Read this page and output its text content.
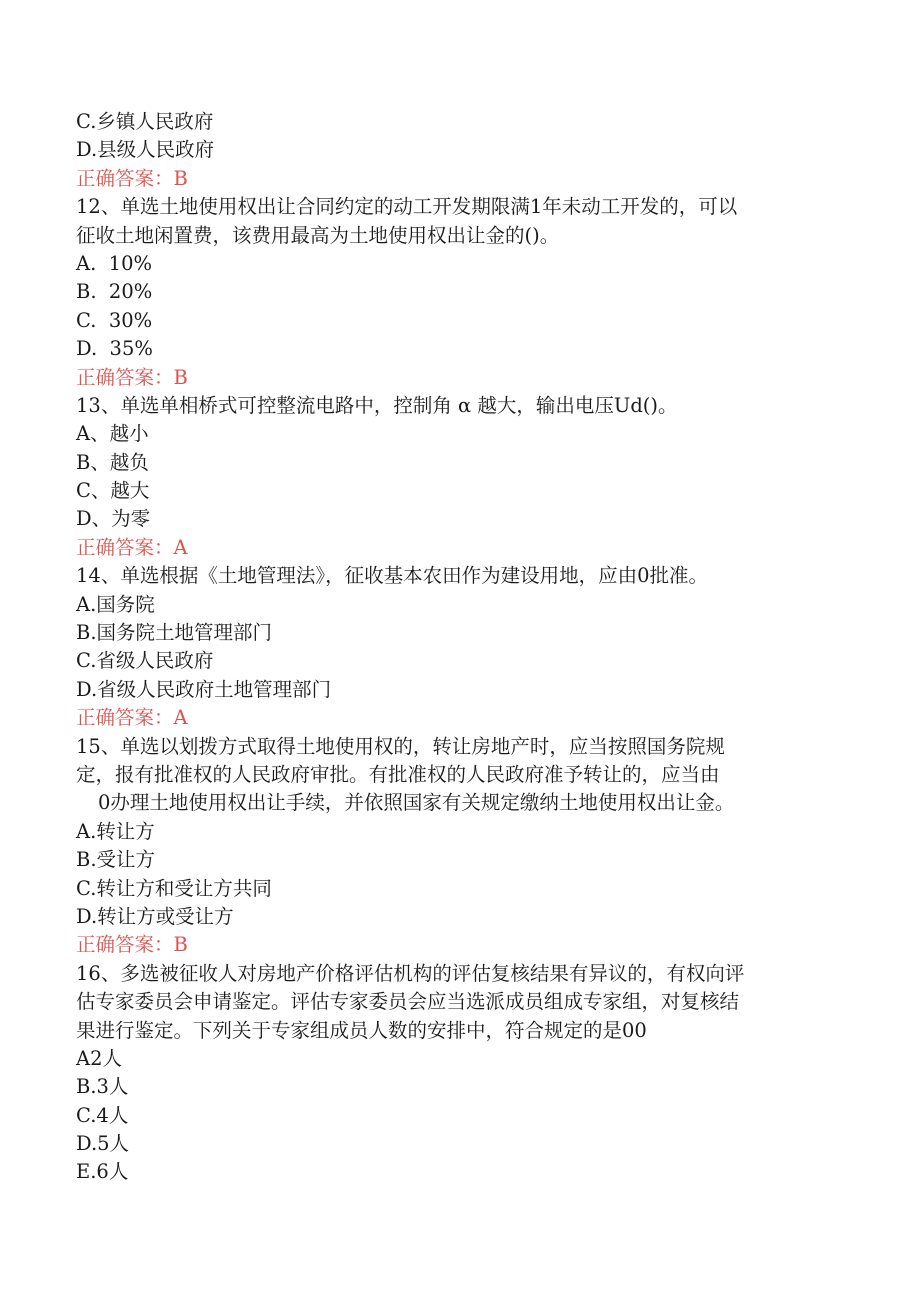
C.乡镇人民政府

D.县级人民政府

正确答案：B

12、单选土地使用权出让合同约定的动工开发期限满1年未动工开发的，可以

征收土地闲置费，该费用最高为土地使用权出让金的()。

A.  10%

B.  20%

C.  30%

D.  35%

正确答案：B

13、单选单相桥式可控整流电路中，控制角 α 越大，输出电压Ud()。

A、越小

B、越负

C、越大

D、为零

正确答案：A

14、单选根据《土地管理法》，征收基本农田作为建设用地，应由0批准。

A.国务院

B.国务院土地管理部门

C.省级人民政府

D.省级人民政府土地管理部门

正确答案：A

15、单选以划拨方式取得土地使用权的，转让房地产时，应当按照国务院规

定，报有批准权的人民政府审批。有批准权的人民政府准予转让的，应当由

0办理土地使用权出让手续，并依照国家有关规定缴纳土地使用权出让金。

A.转让方

B.受让方

C.转让方和受让方共同

D.转让方或受让方

正确答案：B

16、多选被征收人对房地产价格评估机构的评估复核结果有异议的，有权向评

估专家委员会申请鉴定。评估专家委员会应当选派成员组成专家组，对复核结

果进行鉴定。下列关于专家组成员人数的安排中，符合规定的是00

A2人

B.3人

C.4人

D.5人

E.6人
